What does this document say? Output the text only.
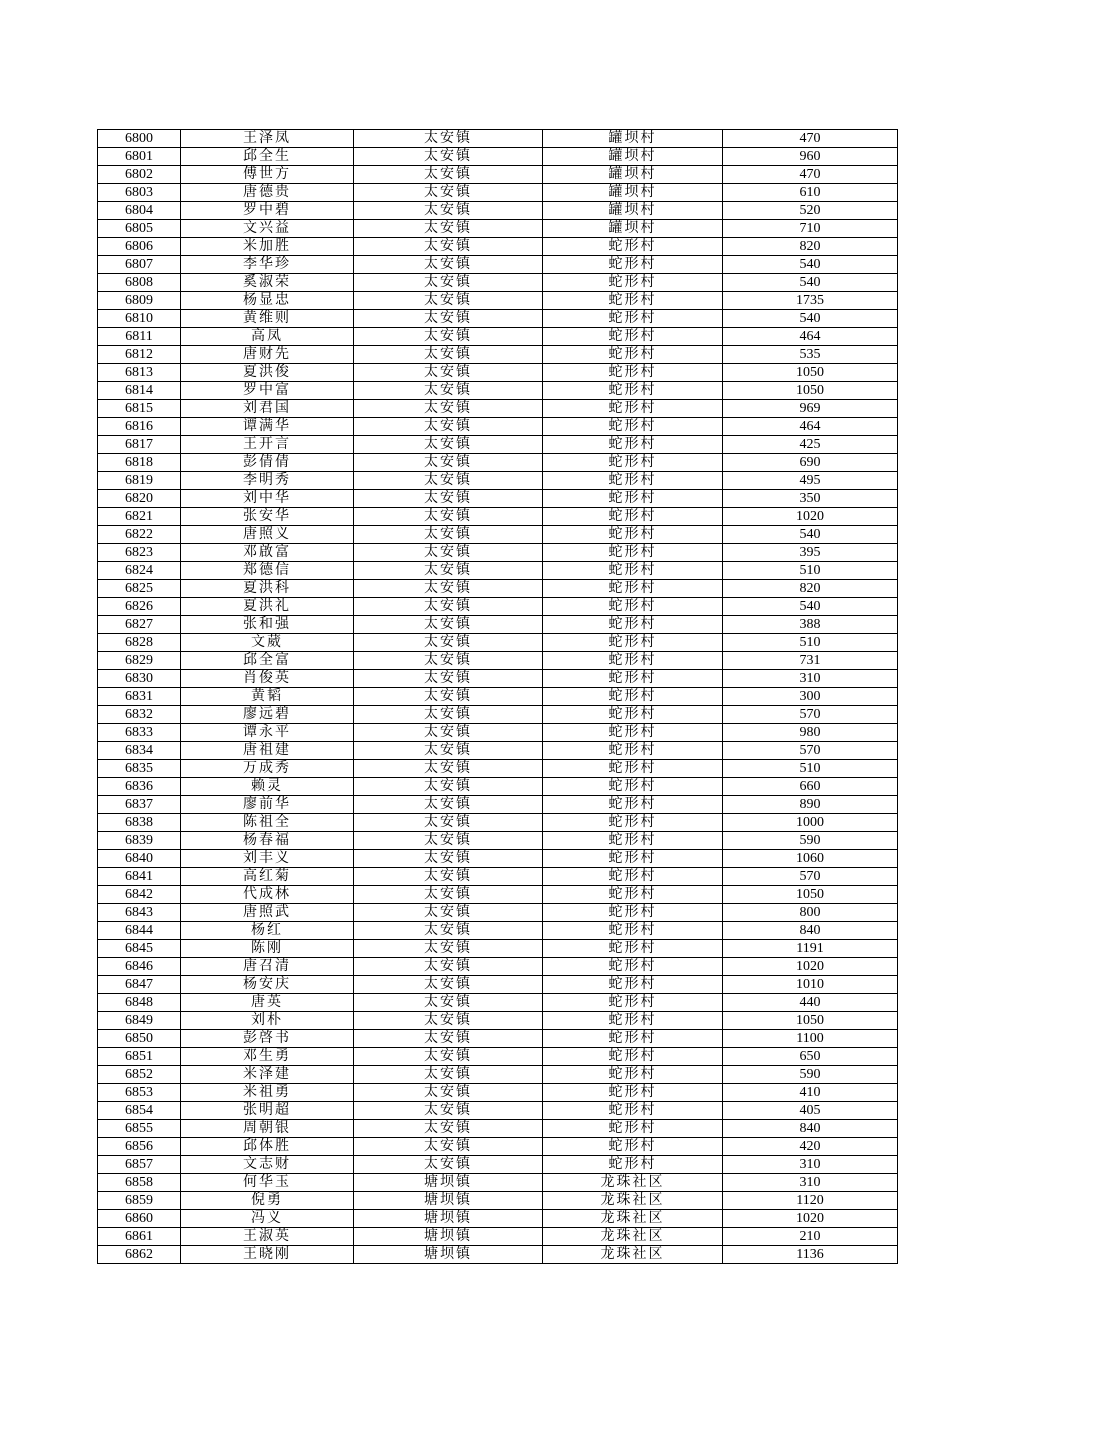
6800	王泽凤	太安镇	罐坝村	470
6801	邱全生	太安镇	罐坝村	960
6802	傅世方	太安镇	罐坝村	470
6803	唐德贵	太安镇	罐坝村	610
6804	罗中碧	太安镇	罐坝村	520
6805	文兴益	太安镇	罐坝村	710
6806	米加胜	太安镇	蛇形村	820
6807	李华珍	太安镇	蛇形村	540
6808	奚淑荣	太安镇	蛇形村	540
6809	杨显忠	太安镇	蛇形村	1735
6810	黄维则	太安镇	蛇形村	540
6811	高凤	太安镇	蛇形村	464
6812	唐财先	太安镇	蛇形村	535
6813	夏洪俊	太安镇	蛇形村	1050
6814	罗中富	太安镇	蛇形村	1050
6815	刘君国	太安镇	蛇形村	969
6816	谭满华	太安镇	蛇形村	464
6817	王开言	太安镇	蛇形村	425
6818	彭倩倩	太安镇	蛇形村	690
6819	李明秀	太安镇	蛇形村	495
6820	刘中华	太安镇	蛇形村	350
6821	张安华	太安镇	蛇形村	1020
6822	唐照义	太安镇	蛇形村	540
6823	邓啟富	太安镇	蛇形村	395
6824	郑德信	太安镇	蛇形村	510
6825	夏洪科	太安镇	蛇形村	820
6826	夏洪礼	太安镇	蛇形村	540
6827	张和强	太安镇	蛇形村	388
6828	文葳	太安镇	蛇形村	510
6829	邱全富	太安镇	蛇形村	731
6830	肖俊英	太安镇	蛇形村	310
6831	黄韬	太安镇	蛇形村	300
6832	廖远碧	太安镇	蛇形村	570
6833	谭永平	太安镇	蛇形村	980
6834	唐祖建	太安镇	蛇形村	570
6835	万成秀	太安镇	蛇形村	510
6836	赖灵	太安镇	蛇形村	660
6837	廖前华	太安镇	蛇形村	890
6838	陈祖全	太安镇	蛇形村	1000
6839	杨春福	太安镇	蛇形村	590
6840	刘丰义	太安镇	蛇形村	1060
6841	高红菊	太安镇	蛇形村	570
6842	代成林	太安镇	蛇形村	1050
6843	唐照武	太安镇	蛇形村	800
6844	杨红	太安镇	蛇形村	840
6845	陈刚	太安镇	蛇形村	1191
6846	唐召清	太安镇	蛇形村	1020
6847	杨安庆	太安镇	蛇形村	1010
6848	唐英	太安镇	蛇形村	440
6849	刘朴	太安镇	蛇形村	1050
6850	彭啓书	太安镇	蛇形村	1100
6851	邓生勇	太安镇	蛇形村	650
6852	米泽建	太安镇	蛇形村	590
6853	米祖勇	太安镇	蛇形村	410
6854	张明超	太安镇	蛇形村	405
6855	周朝银	太安镇	蛇形村	840
6856	邱体胜	太安镇	蛇形村	420
6857	文志财	太安镇	蛇形村	310
6858	何华玉	塘坝镇	龙珠社区	310
6859	倪勇	塘坝镇	龙珠社区	1120
6860	冯义	塘坝镇	龙珠社区	1020
6861	王淑英	塘坝镇	龙珠社区	210
6862	王晓刚	塘坝镇	龙珠社区	1136
